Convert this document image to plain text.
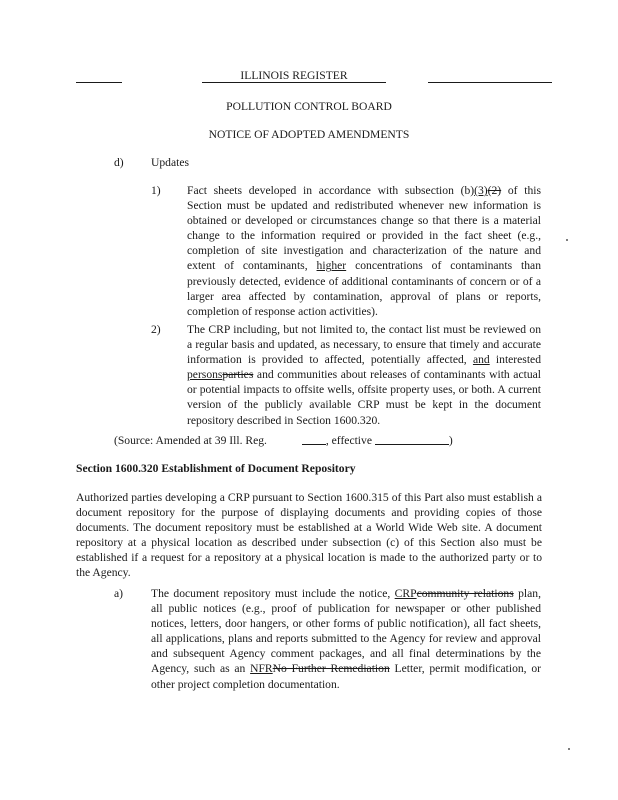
ILLINOIS REGISTER
POLLUTION CONTROL BOARD
NOTICE OF ADOPTED AMENDMENTS
d) Updates
1) Fact sheets developed in accordance with subsection (b)(3)(2) of this Section must be updated and redistributed whenever new information is obtained or developed or circumstances change so that there is a material change to the information required or provided in the fact sheet (e.g., completion of site investigation and characterization of the nature and extent of contaminants, higher concentrations of contaminants than previously detected, evidence of additional contaminants of concern or of a larger area affected by contamination, approval of plans or reports, completion of response action activities).

2) The CRP including, but not limited to, the contact list must be reviewed on a regular basis and updated, as necessary, to ensure that timely and accurate information is provided to affected, potentially affected, and interested personsparties and communities about releases of contaminants with actual or potential impacts to offsite wells, offsite property uses, or both. A current version of the publicly available CRP must be kept in the document repository described in Section 1600.320.

(Source: Amended at 39 Ill. Reg.	, effective	)
Section 1600.320 Establishment of Document Repository

Authorized parties developing a CRP pursuant to Section 1600.315 of this Part also must establish a document repository for the purpose of displaying documents and providing copies of those documents. The document repository must be established at a World Wide Web site. A document repository at a physical location as described under subsection (c) of this Section also must be established if a request for a repository at a physical location is made to the authorized party or to the Agency.

a) The document repository must include the notice, CRPcommunity relations plan, all public notices (e.g., proof of publication for newspaper or other published notices, letters, door hangers, or other forms of public notification), all fact sheets, all applications, plans and reports submitted to the Agency for review and approval and subsequent Agency comment packages, and all final determinations by the Agency, such as an NFRNo Further Remediation Letter, permit modification, or other project completion documentation.
